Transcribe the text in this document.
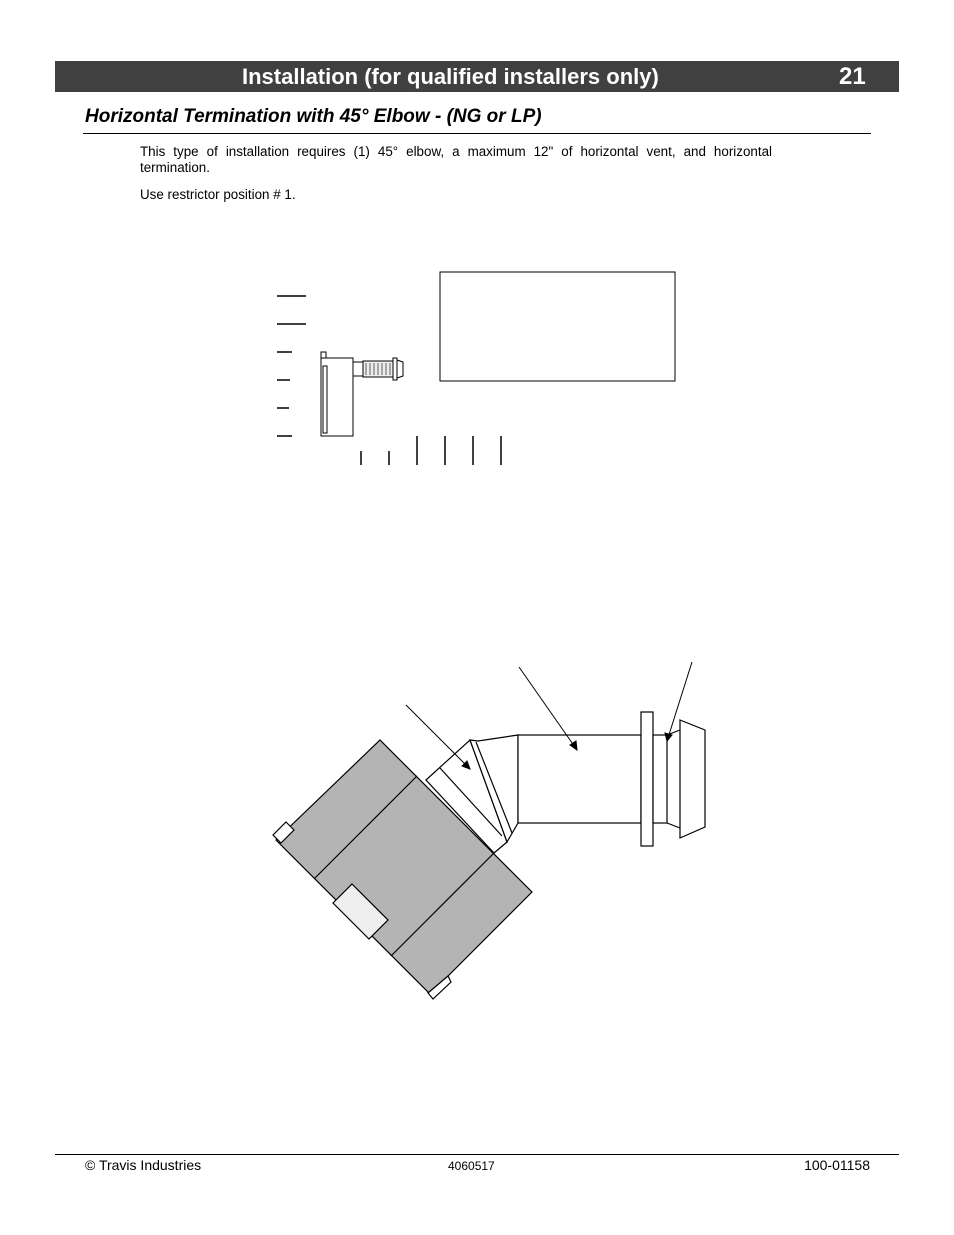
Installation (for qualified installers only)	21
Horizontal Termination with 45° Elbow - (NG or LP)
This type of installation requires (1) 45° elbow, a maximum 12" of horizontal vent, and horizontal termination.
Use restrictor position # 1.
© Travis Industries	4060517	100-01158
